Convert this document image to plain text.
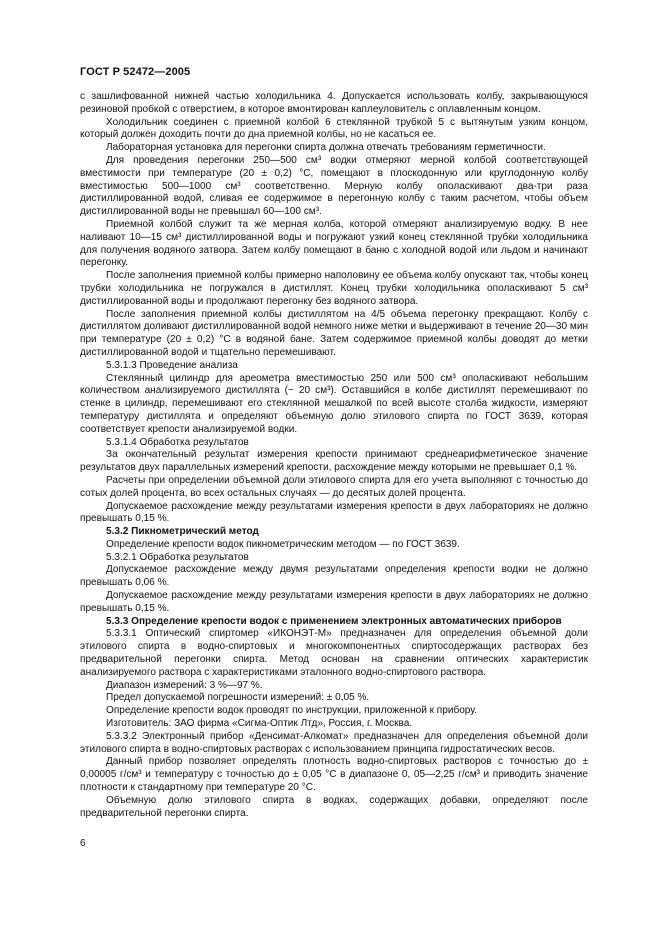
ГОСТ Р 52472—2005

с зашлифованной нижней частью холодильника 4. Допускается использовать колбу, закрывающуюся резиновой пробкой с отверстием, в которое вмонтирован каплеуловитель с оплавленным концом.

Холодильник соединен с приемной колбой 6 стеклянной трубкой 5 с вытянутым узким концом, который должен доходить почти до дна приемной колбы, но не касаться ее.

Лабораторная установка для перегонки спирта должна отвечать требованиям герметичности.

Для проведения перегонки 250—500 см³ водки отмеряют мерной колбой соответствующей вместимости при температуре (20 ± 0,2) °С, помещают в плоскодонную или круглодонную колбу вместимостью 500—1000 см³ соответственно. Мерную колбу ополаскивают два-три раза дистиллированной водой, сливая ее содержимое в перегонную колбу с таким расчетом, чтобы объем дистиллированной воды не превышал 60—100 см³.

Приемной колбой служит та же мерная колба, которой отмеряют анализируемую водку. В нее наливают 10—15 см³ дистиллированной воды и погружают узкий конец стеклянной трубки холодильника для получения водяного затвора. Затем колбу помещают в баню с холодной водой или льдом и начинают перегонку.

После заполнения приемной колбы примерно наполовину ее объема колбу опускают так, чтобы конец трубки холодильника не погружался в дистиллят. Конец трубки холодильника ополаскивают 5 см³ дистиллированной воды и продолжают перегонку без водяного затвора.

После заполнения приемной колбы дистиллятом на 4/5 объема перегонку прекращают. Колбу с дистиллятом доливают дистиллированной водой немного ниже метки и выдерживают в течение 20—30 мин при температуре (20 ± 0,2) °С в водяной бане. Затем содержимое приемной колбы доводят до метки дистиллированной водой и тщательно перемешивают.

5.3.1.3 Проведение анализа

Стеклянный цилиндр для ареометра вместимостью 250 или 500 см³ ополаскивают небольшим количеством анализируемого дистиллята (~ 20 см³). Оставшийся в колбе дистиллят перемешивают по стенке в цилиндр, перемешивают его стеклянной мешалкой по всей высоте столба жидкости, измеряют температуру дистиллята и определяют объемную долю этилового спирта по ГОСТ 3639, которая соответствует крепости анализируемой водки.

5.3.1.4 Обработка результатов

За окончательный результат измерения крепости принимают среднеарифметическое значение результатов двух параллельных измерений крепости, расхождение между которыми не превышает 0,1 %.

Расчеты при определении объемной доли этилового спирта для его учета выполняют с точностью до сотых долей процента, во всех остальных случаях — до десятых долей процента.

Допускаемое расхождение между результатами измерения крепости в двух лабораториях не должно превышать 0,15 %.

5.3.2 Пикнометрический метод

Определение крепости водок пикнометрическим методом — по ГОСТ 3639.

5.3.2.1 Обработка результатов

Допускаемое расхождение между двумя результатами определения крепости водки не должно превышать 0,06 %.

Допускаемое расхождение между результатами измерения крепости в двух лабораториях не должно превышать 0,15 %.

5.3.3 Определение крепости водок с применением электронных автоматических приборов

5.3.3.1 Оптический спиртомер «ИКОНЭТ-М» предназначен для определения объемной доли этилового спирта в водно-спиртовых и многокомпонентных спиртосодержащих растворах без предварительной перегонки спирта. Метод основан на сравнении оптических характеристик анализируемого раствора с характеристиками эталонного водно-спиртового раствора.

Диапазон измерений: 3 %—97 %.

Предел допускаемой погрешности измерений: ± 0,05 %.

Определение крепости водок проводят по инструкции, приложенной к прибору.

Изготовитель: ЗАО фирма «Сигма-Оптик Лтд», Россия, г. Москва.

5.3.3.2 Электронный прибор «Денсимат-Алкомат» предназначен для определения объемной доли этилового спирта в водно-спиртовых растворах с использованием принципа гидростатических весов.

Данный прибор позволяет определять плотность водно-спиртовых растворов с точностью до ± 0,00005 г/см³ и температуру с точностью до ± 0,05 °С в диапазоне 0, 05—2,25 г/см³ и приводить значение плотности к стандартному при температуре 20 °С.

Объемную долю этилового спирта в водках, содержащих добавки, определяют после предварительной перегонки спирта.

6
